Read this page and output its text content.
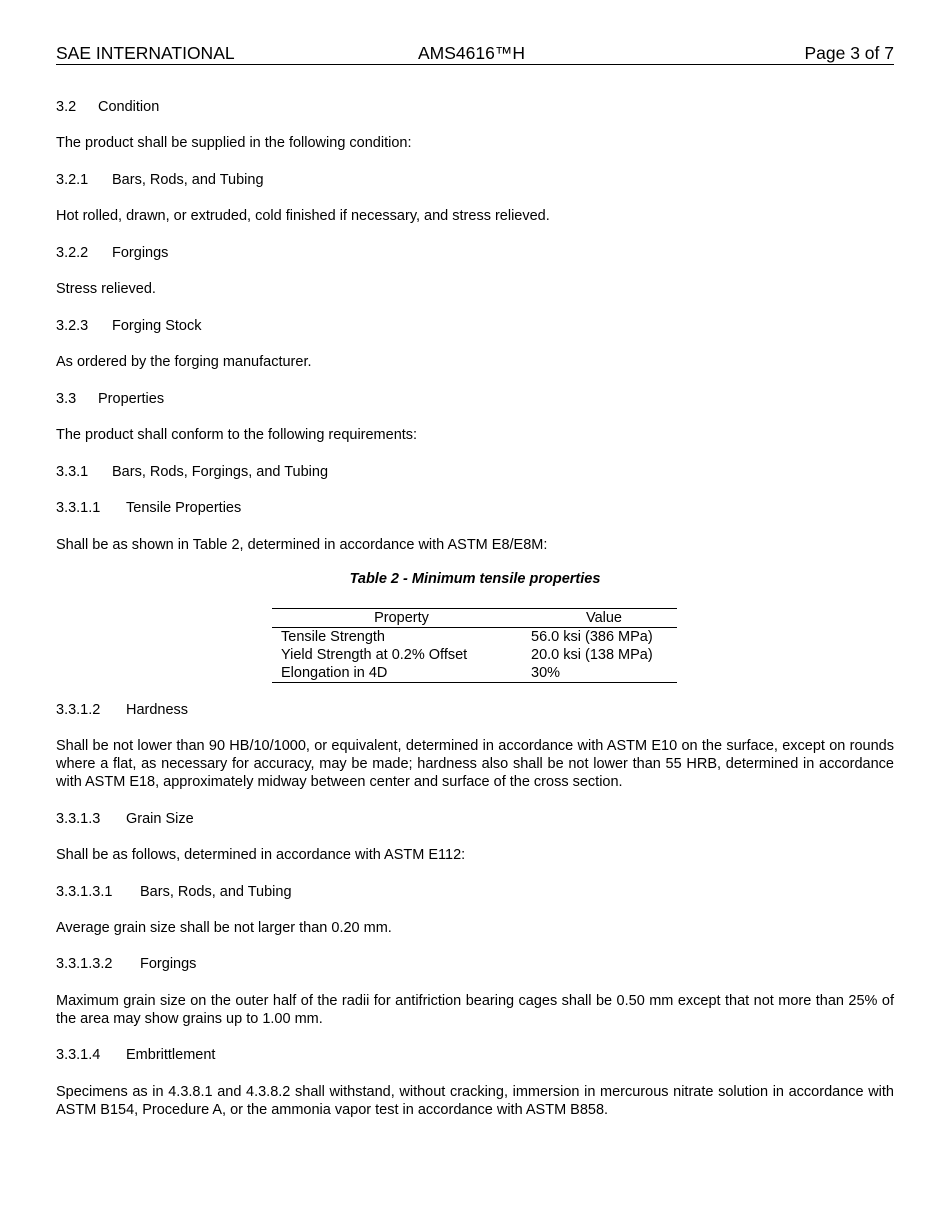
SAE INTERNATIONAL	AMS4616™H	Page 3 of 7
3.2 Condition
The product shall be supplied in the following condition:
3.2.1 Bars, Rods, and Tubing
Hot rolled, drawn, or extruded, cold finished if necessary, and stress relieved.
3.2.2 Forgings
Stress relieved.
3.2.3 Forging Stock
As ordered by the forging manufacturer.
3.3 Properties
The product shall conform to the following requirements:
3.3.1 Bars, Rods, Forgings, and Tubing
3.3.1.1 Tensile Properties
Shall be as shown in Table 2, determined in accordance with ASTM E8/E8M:
Table 2 - Minimum tensile properties
Property	Value
Tensile Strength	56.0 ksi (386 MPa)
Yield Strength at 0.2% Offset	20.0 ksi (138 MPa)
Elongation in 4D	30%
3.3.1.2 Hardness
Shall be not lower than 90 HB/10/1000, or equivalent, determined in accordance with ASTM E10 on the surface, except on rounds where a flat, as necessary for accuracy, may be made; hardness also shall be not lower than 55 HRB, determined in accordance with ASTM E18, approximately midway between center and surface of the cross section.
3.3.1.3 Grain Size
Shall be as follows, determined in accordance with ASTM E112:
3.3.1.3.1 Bars, Rods, and Tubing
Average grain size shall be not larger than 0.20 mm.
3.3.1.3.2 Forgings
Maximum grain size on the outer half of the radii for antifriction bearing cages shall be 0.50 mm except that not more than 25% of the area may show grains up to 1.00 mm.
3.3.1.4 Embrittlement
Specimens as in 4.3.8.1 and 4.3.8.2 shall withstand, without cracking, immersion in mercurous nitrate solution in accordance with ASTM B154, Procedure A, or the ammonia vapor test in accordance with ASTM B858.
